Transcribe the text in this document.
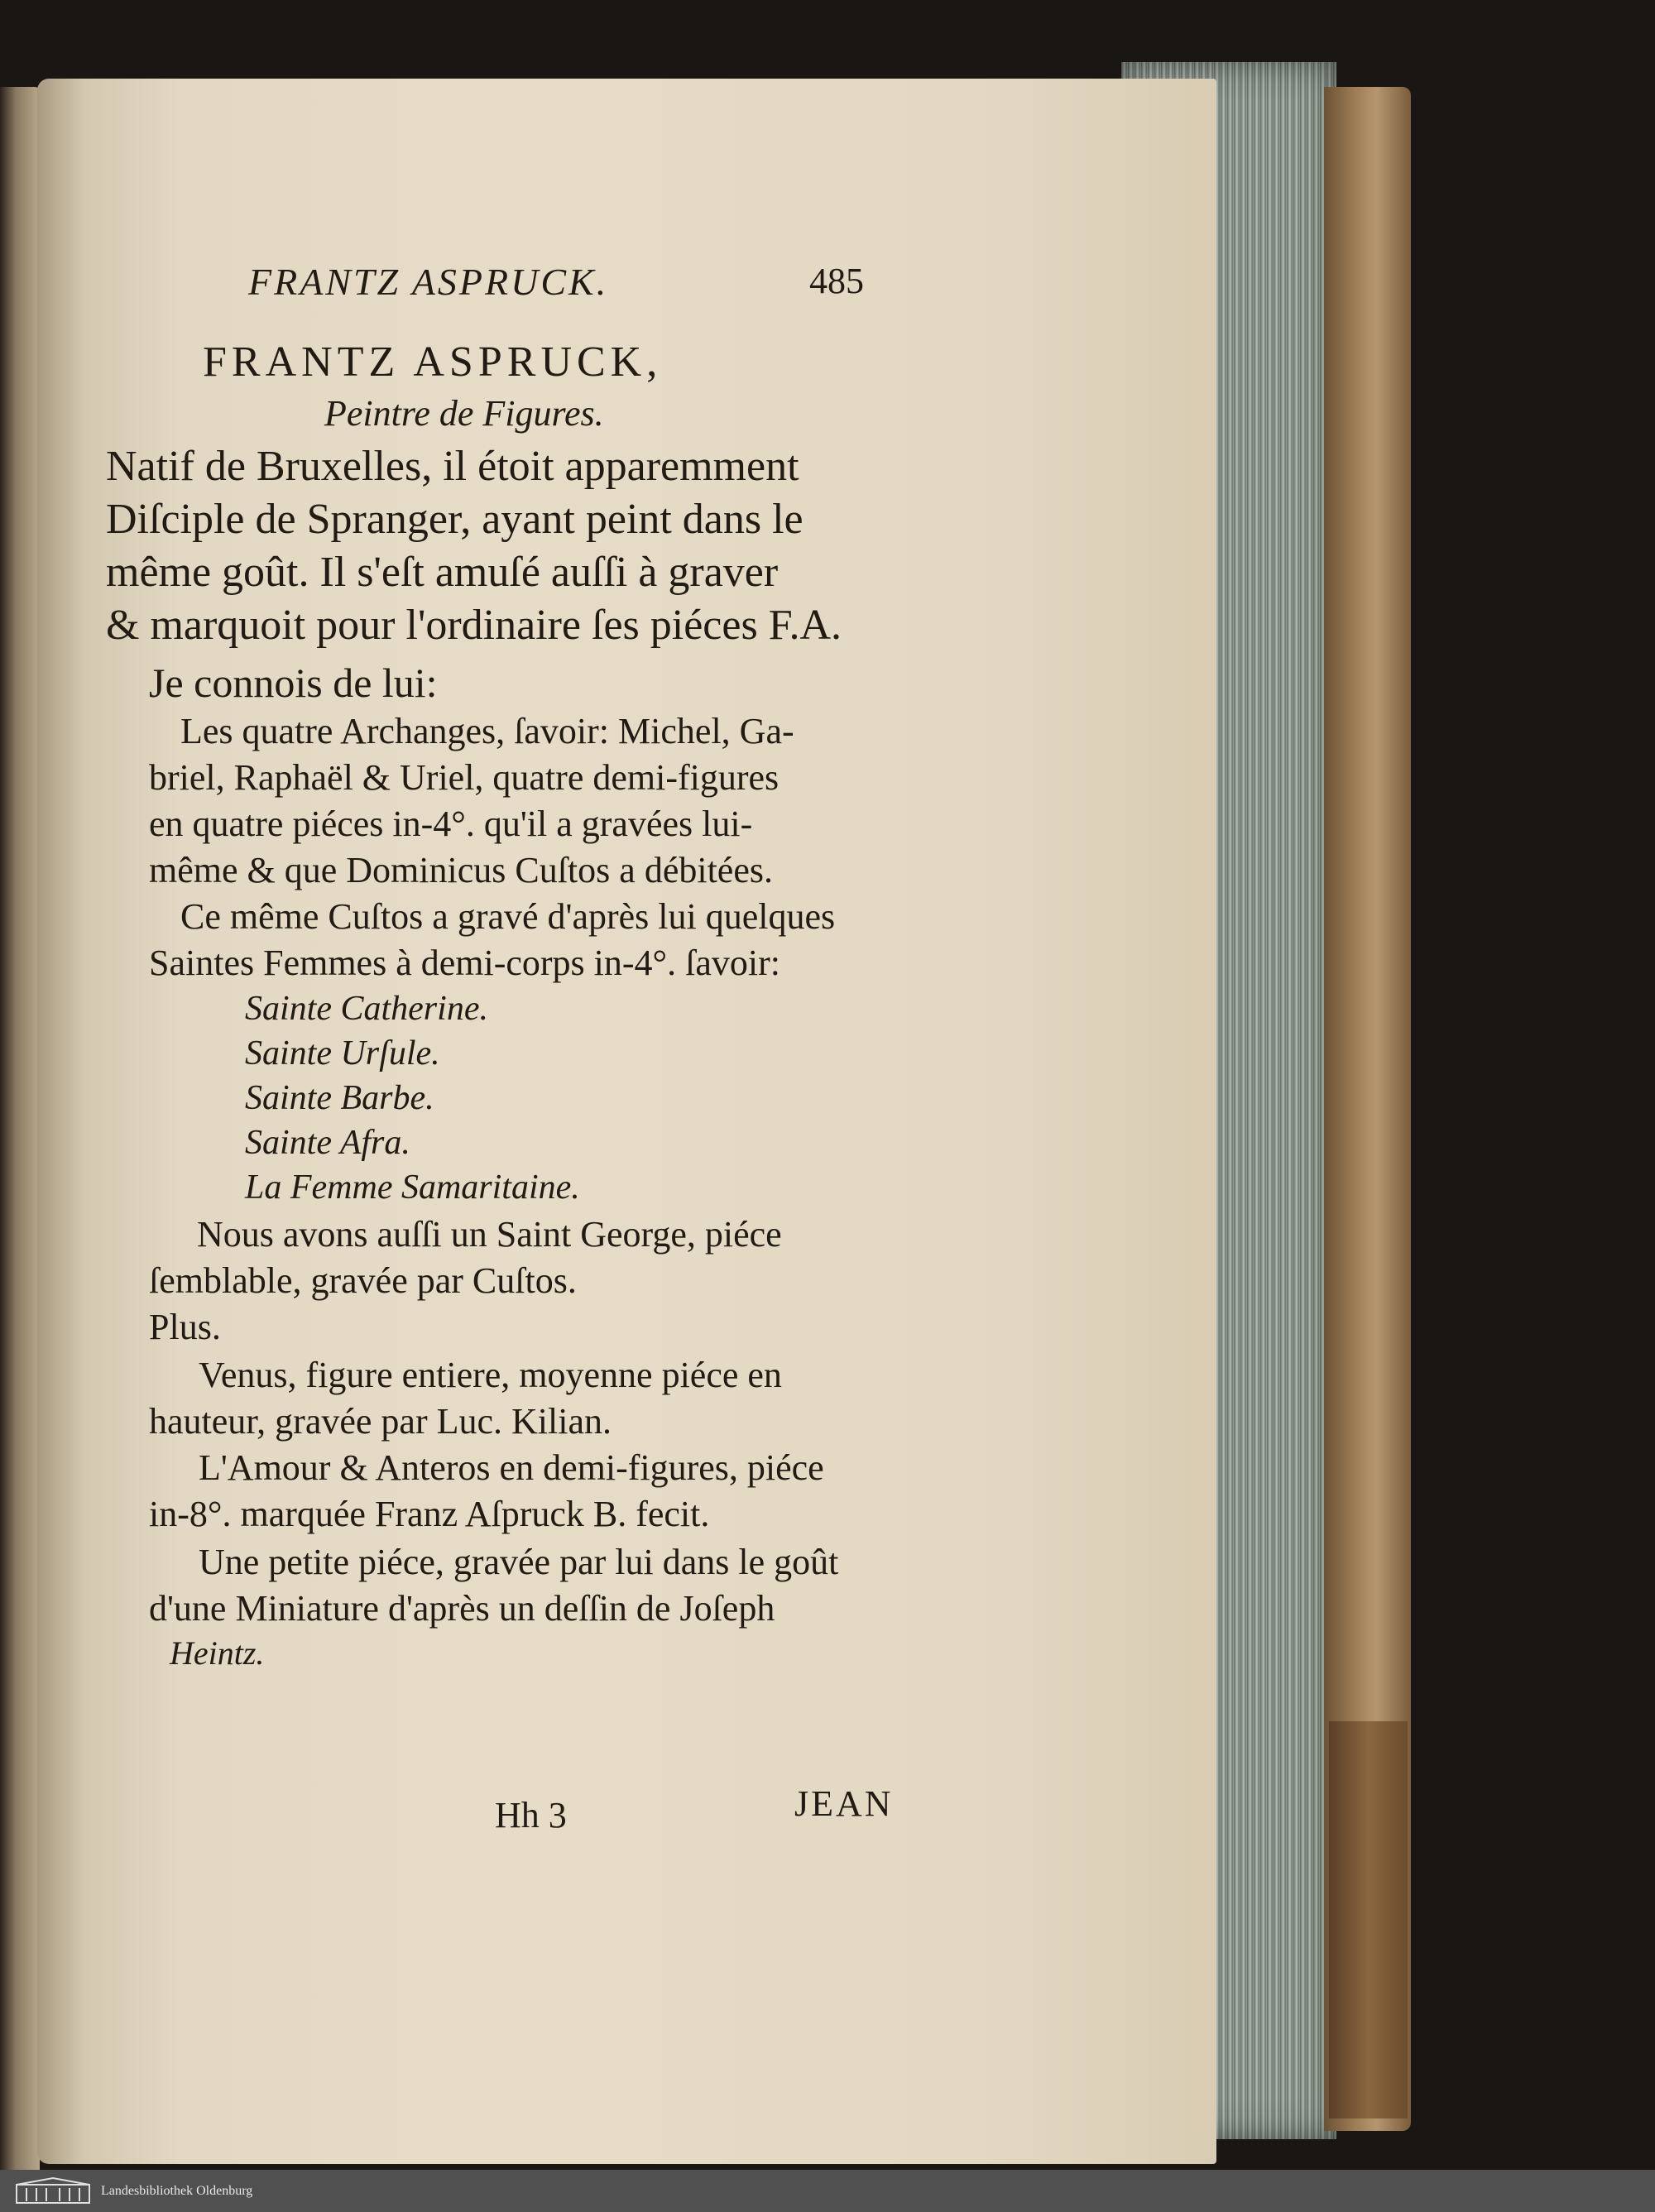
FRANTZ ASPRUCK.	485
FRANTZ ASPRUCK,
Peintre de Figures.
Natif de Bruxelles, il étoit apparemment
Diſciple de Spranger, ayant peint dans le
même goût. Il s'eſt amuſé auſſi à graver
& marquoit pour l'ordinaire ſes piéces F.A.
Je connois de lui:
Les quatre Archanges, ſavoir: Michel, Ga-
briel, Raphaël & Uriel, quatre demi-figures
en quatre piéces in-4°. qu'il a gravées lui-
même & que Dominicus Cuſtos a débitées.
Ce même Cuſtos a gravé d'après lui quelques
Saintes Femmes à demi-corps in-4°. ſavoir:
Sainte Catherine.
Sainte Urſule.
Sainte Barbe.
Sainte Afra.
La Femme Samaritaine.
Nous avons auſſi un Saint George, piéce
ſemblable, gravée par Cuſtos.
Plus.
Venus, figure entiere, moyenne piéce en
hauteur, gravée par Luc. Kilian.
L'Amour & Anteros en demi-figures, piéce
in-8°. marquée Franz Aſpruck B. fecit.
Une petite piéce, gravée par lui dans le goût
d'une Miniature d'après un deſſin de Joſeph
Heintz.
Hh 3	JEAN
Landesbibliothek Oldenburg
